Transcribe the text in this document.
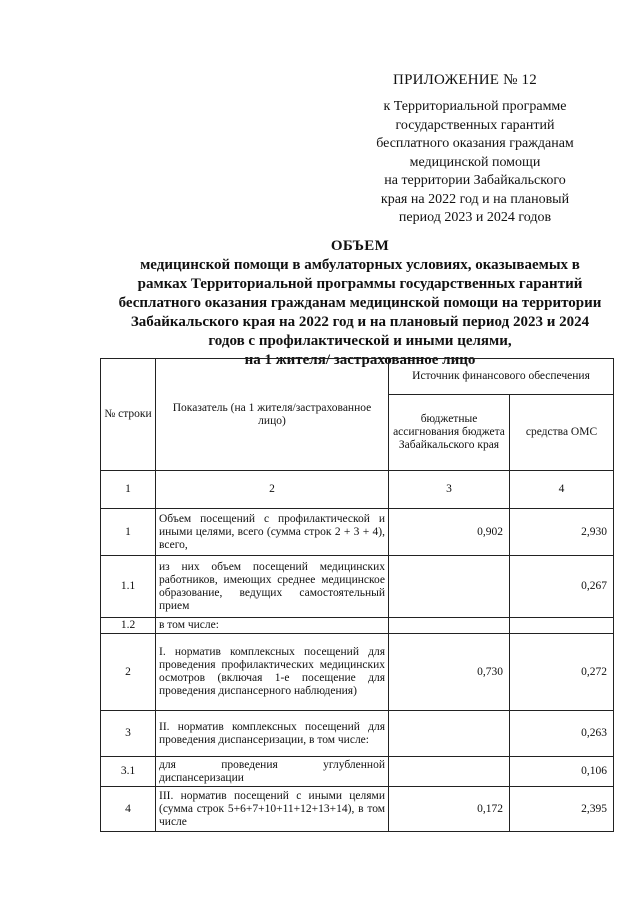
ПРИЛОЖЕНИЕ № 12
к Территориальной программе
государственных гарантий
бесплатного оказания гражданам
медицинской помощи
на территории Забайкальского
края на 2022 год и на плановый
период 2023 и 2024 годов
ОБЪЕМ
медицинской помощи в амбулаторных условиях, оказываемых в
рамках Территориальной программы государственных гарантий
бесплатного оказания гражданам медицинской помощи на территории
Забайкальского края на 2022 год и на плановый период 2023 и 2024
годов с профилактической и иными целями,
на 1 жителя/ застрахованное лицо
№ строки	Показатель (на 1 жителя/застрахованное лицо)	Источник финансового обеспечения	
		бюджетные ассигнования бюджета Забайкальского края	средства ОМС
1	2	3	4
1	Объем посещений с профилактической и иными целями, всего (сумма строк 2 + 3 + 4), всего,	0,902	2,930
1.1	из них объем посещений медицинских работников, имеющих среднее медицинское образование, ведущих самостоятельный прием		0,267
1.2	в том числе:		
2	I. норматив комплексных посещений для проведения профилактических медицинских осмотров (включая 1-е посещение для проведения диспансерного наблюдения)	0,730	0,272
3	II. норматив комплексных посещений для проведения диспансеризации, в том числе:		0,263
3.1	для проведения углубленной диспансеризации		0,106
4	III. норматив посещений с иными целями (сумма строк 5+6+7+10+11+12+13+14), в том числе	0,172	2,395
